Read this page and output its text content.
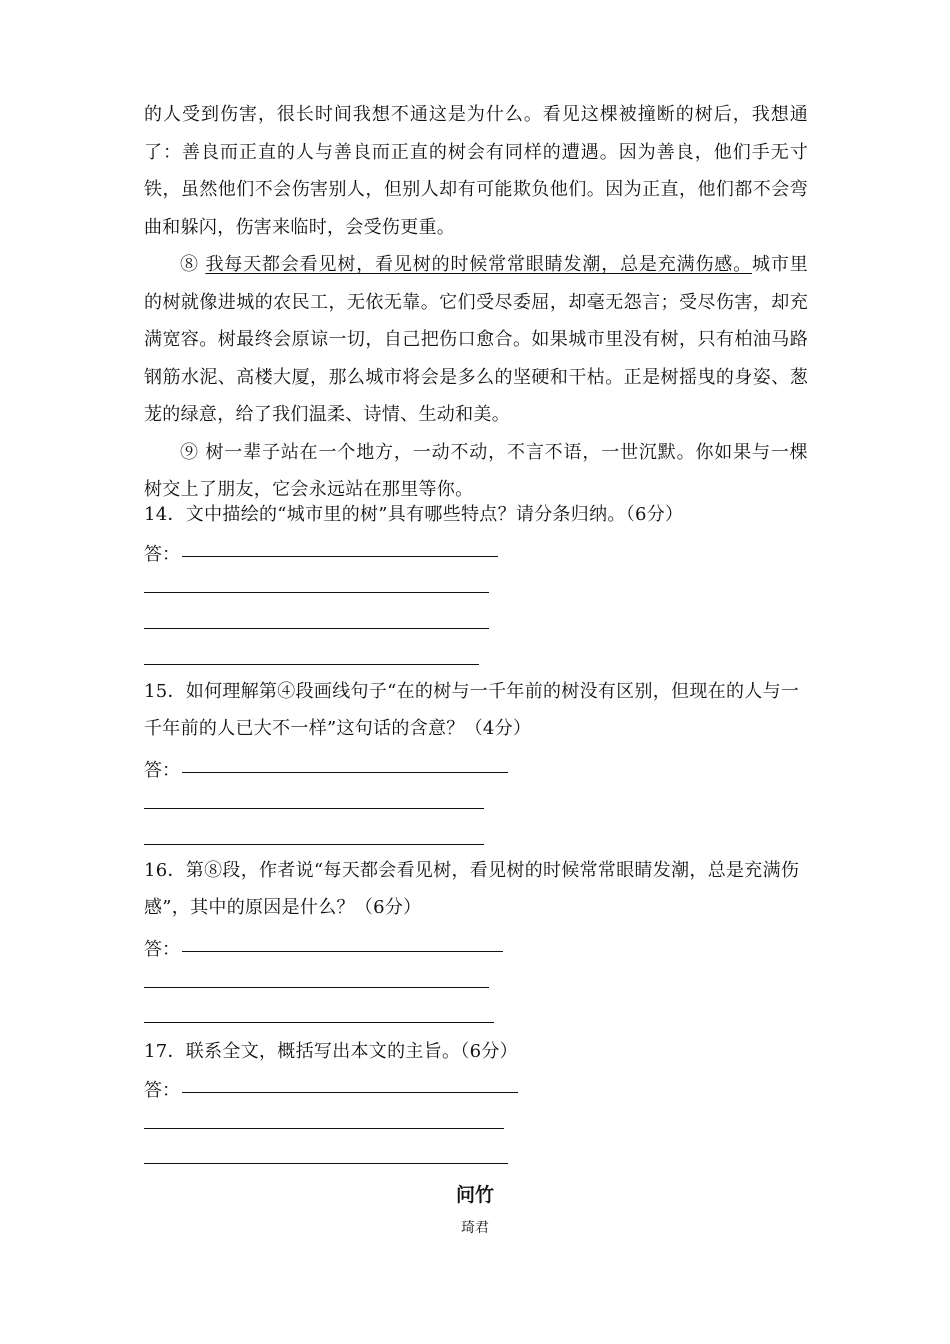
的人受到伤害，很长时间我想不通这是为什么。看见这棵被撞断的树后，我想通了：善良而正直的人与善良而正直的树会有同样的遭遇。因为善良，他们手无寸铁，虽然他们不会伤害别人，但别人却有可能欺负他们。因为正直，他们都不会弯曲和躲闪，伤害来临时，会受伤更重。

⑧ 我每天都会看见树，看见树的时候常常眼睛发潮，总是充满伤感。城市里的树就像进城的农民工，无依无靠。它们受尽委屈，却毫无怨言；受尽伤害，却充满宽容。树最终会原谅一切，自己把伤口愈合。如果城市里没有树，只有柏油马路钢筋水泥、高楼大厦，那么城市将会是多么的坚硬和干枯。正是树摇曳的身姿、葱茏的绿意，给了我们温柔、诗情、生动和美。

⑨ 树一辈子站在一个地方，一动不动，不言不语，一世沉默。你如果与一棵树交上了朋友，它会永远站在那里等你。

14．文中描绘的“城市里的树”具有哪些特点？请分条归纳。（6分）
答：
15．如何理解第④段画线句子“在的树与一千年前的树没有区别，但现在的人与一千年前的人已大不一样”这句话的含意？（4分）
答：
16．第⑧段，作者说“每天都会看见树，看见树的时候常常眼睛发潮，总是充满伤感”，其中的原因是什么？（6分）
答：
17．联系全文，概括写出本文的主旨。（6分）
答：
问竹
琦君
